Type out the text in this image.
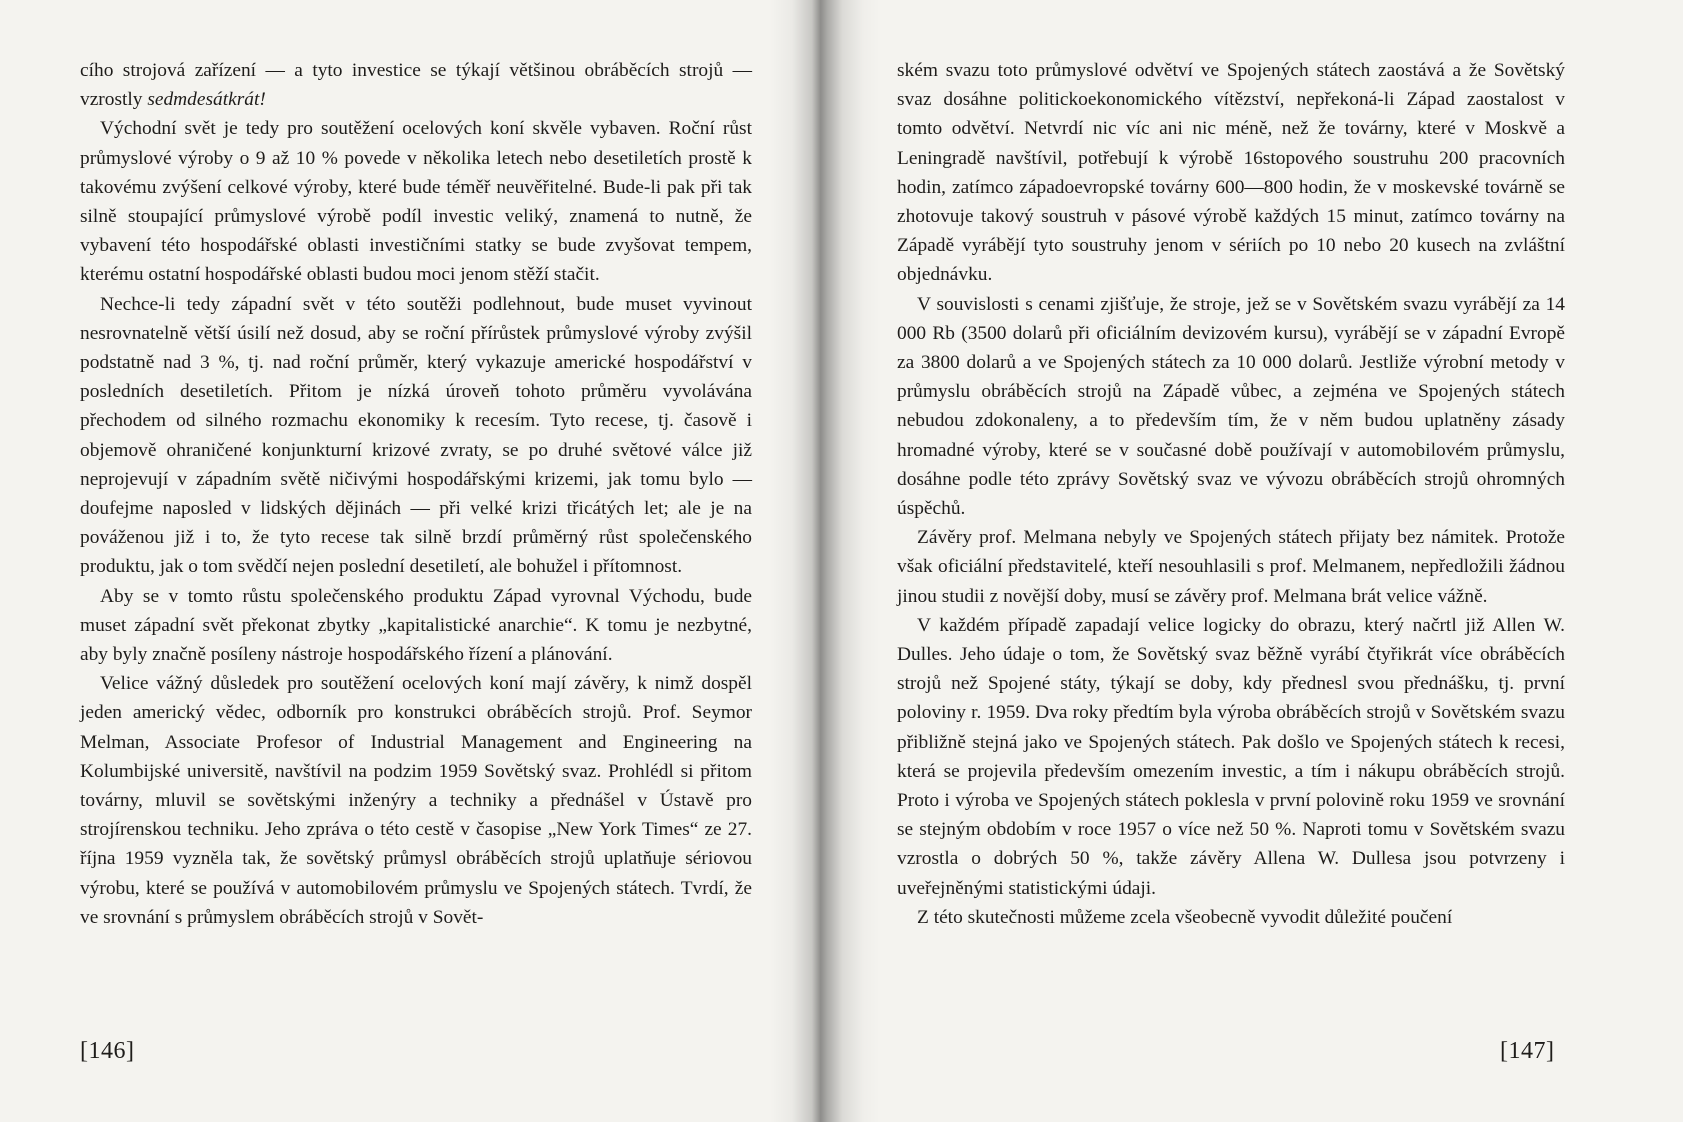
cího strojová zařízení — a tyto investice se týkají většinou obráběcích strojů — vzrostly sedmdesátkrát!

Východní svět je tedy pro soutěžení ocelových koní skvěle vybaven. Roční růst průmyslové výroby o 9 až 10 % povede v několika letech nebo desetiletích prostě k takovému zvýšení celkové výroby, které bude téměř neuvěřitelné. Bude-li pak při tak silně stoupající průmyslové výrobě podíl investic veliký, znamená to nutně, že vybavení této hospodářské oblasti investičními statky se bude zvyšovat tempem, kterému ostatní hospodářské oblasti budou moci jenom stěží stačit.

Nechce-li tedy západní svět v této soutěži podlehnout, bude muset vyvinout nesrovnatelně větší úsilí než dosud, aby se roční přírůstek průmyslové výroby zvýšil podstatně nad 3 %, tj. nad roční průměr, který vykazuje americké hospodářství v posledních desetiletích. Přitom je nízká úroveň tohoto průměru vyvolávána přechodem od silného rozmachu ekonomiky k recesím. Tyto recese, tj. časově i objemově ohraničené konjunkturní krizové zvraty, se po druhé světové válce již neprojevují v západním světě ničivými hospodářskými krizemi, jak tomu bylo — doufejme naposled v lidských dějinách — při velké krizi třicátých let; ale je na pováženou již i to, že tyto recese tak silně brzdí průměrný růst společenského produktu, jak o tom svědčí nejen poslední desetiletí, ale bohužel i přítomnost.

Aby se v tomto růstu společenského produktu Západ vyrovnal Východu, bude muset západní svět překonat zbytky „kapitalistické anarchie“. K tomu je nezbytné, aby byly značně posíleny nástroje hospodářského řízení a plánování.

Velice vážný důsledek pro soutěžení ocelových koní mají závěry, k nimž dospěl jeden americký vědec, odborník pro konstrukci obráběcích strojů. Prof. Seymor Melman, Associate Profesor of Industrial Management and Engineering na Kolumbijské universitě, navštívil na podzim 1959 Sovětský svaz. Prohlédl si přitom továrny, mluvil se sovětskými inženýry a techniky a přednášel v Ústavě pro strojírenskou techniku. Jeho zpráva o této cestě v časopise „New York Times“ ze 27. října 1959 vyzněla tak, že sovětský průmysl obráběcích strojů uplatňuje sériovou výrobu, které se používá v automobilovém průmyslu ve Spojených státech. Tvrdí, že ve srovnání s průmyslem obráběcích strojů v Sovět-

[146]

ském svazu toto průmyslové odvětví ve Spojených státech zaostává a že Sovětský svaz dosáhne politickoekonomického vítězství, nepřekoná-li Západ zaostalost v tomto odvětví. Netvrdí nic víc ani nic méně, než že továrny, které v Moskvě a Leningradě navštívil, potřebují k výrobě 16stopového soustruhu 200 pracovních hodin, zatímco západoevropské továrny 600—800 hodin, že v moskevské továrně se zhotovuje takový soustruh v pásové výrobě každých 15 minut, zatímco továrny na Západě vyrábějí tyto soustruhy jenom v sériích po 10 nebo 20 kusech na zvláštní objednávku.

V souvislosti s cenami zjišťuje, že stroje, jež se v Sovětském svazu vyrábějí za 14 000 Rb (3500 dolarů při oficiálním devizovém kursu), vyrábějí se v západní Evropě za 3800 dolarů a ve Spojených státech za 10 000 dolarů. Jestliže výrobní metody v průmyslu obráběcích strojů na Západě vůbec, a zejména ve Spojených státech nebudou zdokonaleny, a to především tím, že v něm budou uplatněny zásady hromadné výroby, které se v současné době používají v automobilovém průmyslu, dosáhne podle této zprávy Sovětský svaz ve vývozu obráběcích strojů ohromných úspěchů.

Závěry prof. Melmana nebyly ve Spojených státech přijaty bez námitek. Protože však oficiální představitelé, kteří nesouhlasili s prof. Melmanem, nepředložili žádnou jinou studii z novější doby, musí se závěry prof. Melmana brát velice vážně.

V každém případě zapadají velice logicky do obrazu, který načrtl již Allen W. Dulles. Jeho údaje o tom, že Sovětský svaz běžně vyrábí čtyřikrát více obráběcích strojů než Spojené státy, týkají se doby, kdy přednesl svou přednášku, tj. první poloviny r. 1959. Dva roky předtím byla výroba obráběcích strojů v Sovětském svazu přibližně stejná jako ve Spojených státech. Pak došlo ve Spojených státech k recesi, která se projevila především omezením investic, a tím i nákupu obráběcích strojů. Proto i výroba ve Spojených státech poklesla v první polovině roku 1959 ve srovnání se stejným obdobím v roce 1957 o více než 50 %. Naproti tomu v Sovětském svazu vzrostla o dobrých 50 %, takže závěry Allena W. Dullesa jsou potvrzeny i uveřejněnými statistickými údaji.

Z této skutečnosti můžeme zcela všeobecně vyvodit důležité poučení

[147]
